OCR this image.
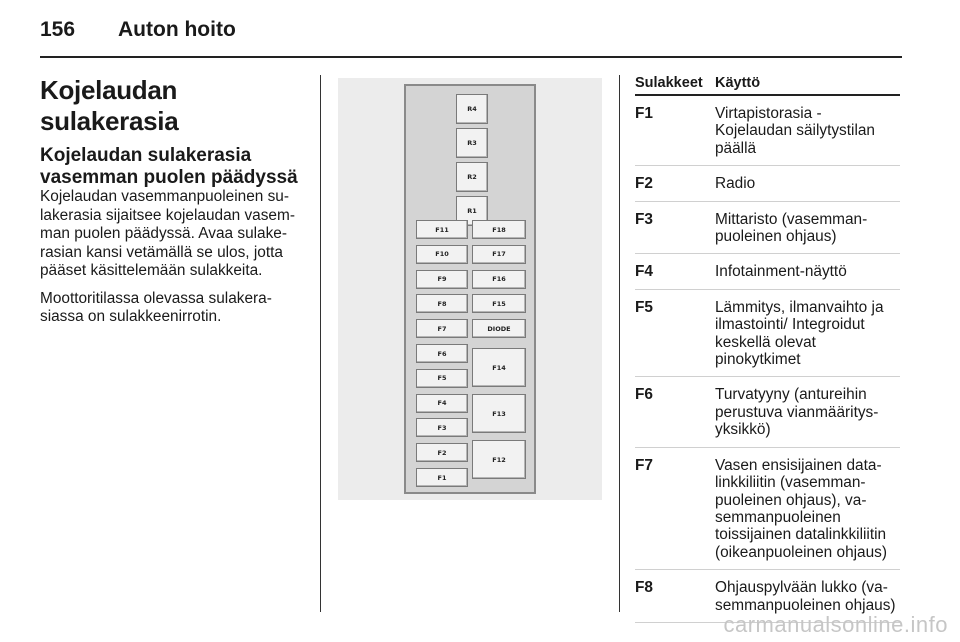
156 Auton hoito
Kojelaudan sulakerasia
Kojelaudan sulakerasia vasemman puolen päädyssä

Kojelaudan vasemmanpuoleinen sulakerasia sijaitsee kojelaudan vasemman puolen päädyssä. Avaa sulakerasian kansi vetämällä se ulos, jotta pääset käsittelemään sulakkeita.

Moottoritilassa olevassa sulakerasiassa on sulakkeenirrotin.

R4
R3
R2
R1
F11
F10
F9
F8
F7
F6
F5
F4
F3
F2
F1
F18
F17
F16
F15
DIODE
F14
F13
F12
Sulakkeet Käyttö
F1	Virtapistorasia - Kojelaudan säilytystilan päällä
F2	Radio
F3	Mittaristo (vasemmanpuoleinen ohjaus)
F4	Infotainment-näyttö
F5	Lämmitys, ilmanvaihto ja ilmastointi/ Integroidut keskellä olevat pinokytkimet
F6	Turvatyyny (antureihin perustuva vianmääritysyksikkö)
F7	Vasen ensisijainen datalinkkiliitin (vasemmanpuoleinen ohjaus), vasemmanpuoleinen toissijainen datalinkkiliitin (oikeanpuoleinen ohjaus)
F8	Ohjauspylvään lukko (vasemmanpuoleinen ohjaus)
carmanualsonline.info
